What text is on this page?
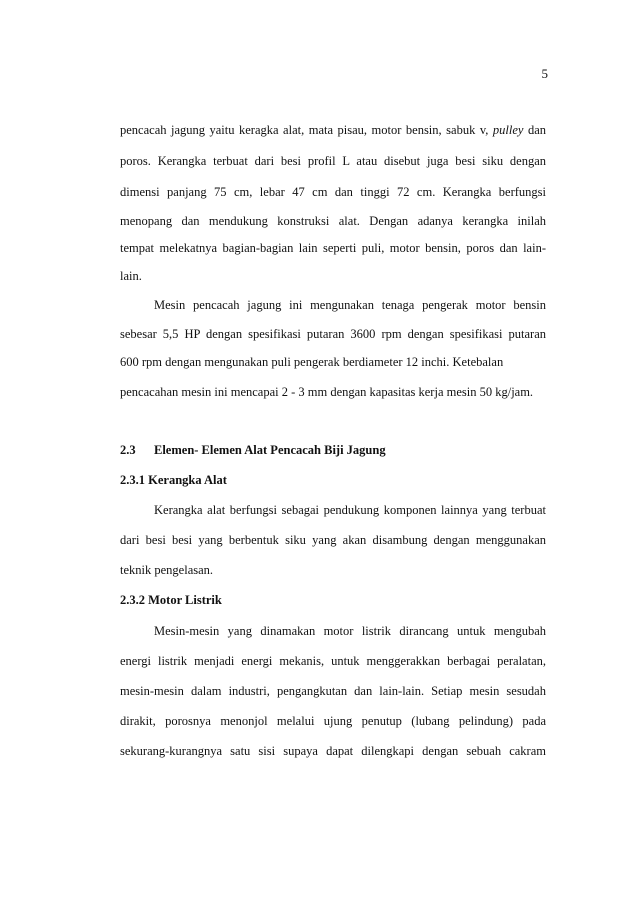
5
pencacah jagung yaitu keragka alat, mata pisau, motor bensin, sabuk v, pulley dan
poros. Kerangka terbuat dari besi profil L atau disebut juga besi siku dengan
dimensi panjang 75 cm, lebar 47 cm dan tinggi 72 cm. Kerangka berfungsi
menopang dan mendukung konstruksi alat. Dengan adanya kerangka inilah
tempat melekatnya bagian-bagian lain seperti puli, motor bensin, poros dan lain-
lain.
Mesin pencacah jagung ini mengunakan tenaga pengerak motor bensin
sebesar 5,5 HP dengan spesifikasi putaran 3600 rpm dengan spesifikasi putaran
600 rpm dengan mengunakan puli pengerak berdiameter 12 inchi. Ketebalan
pencacahan mesin ini mencapai 2 - 3 mm dengan kapasitas kerja mesin 50 kg/jam.
2.3 Elemen- Elemen Alat Pencacah Biji Jagung
2.3.1 Kerangka Alat
Kerangka alat berfungsi sebagai pendukung komponen lainnya yang terbuat
dari besi besi yang berbentuk siku yang akan disambung dengan menggunakan
teknik pengelasan.
2.3.2 Motor Listrik
Mesin-mesin yang dinamakan motor listrik dirancang untuk mengubah
energi listrik menjadi energi mekanis, untuk menggerakkan berbagai peralatan,
mesin-mesin dalam industri, pengangkutan dan lain-lain. Setiap mesin sesudah
dirakit, porosnya menonjol melalui ujung penutup (lubang pelindung) pada
sekurang-kurangnya satu sisi supaya dapat dilengkapi dengan sebuah cakram
